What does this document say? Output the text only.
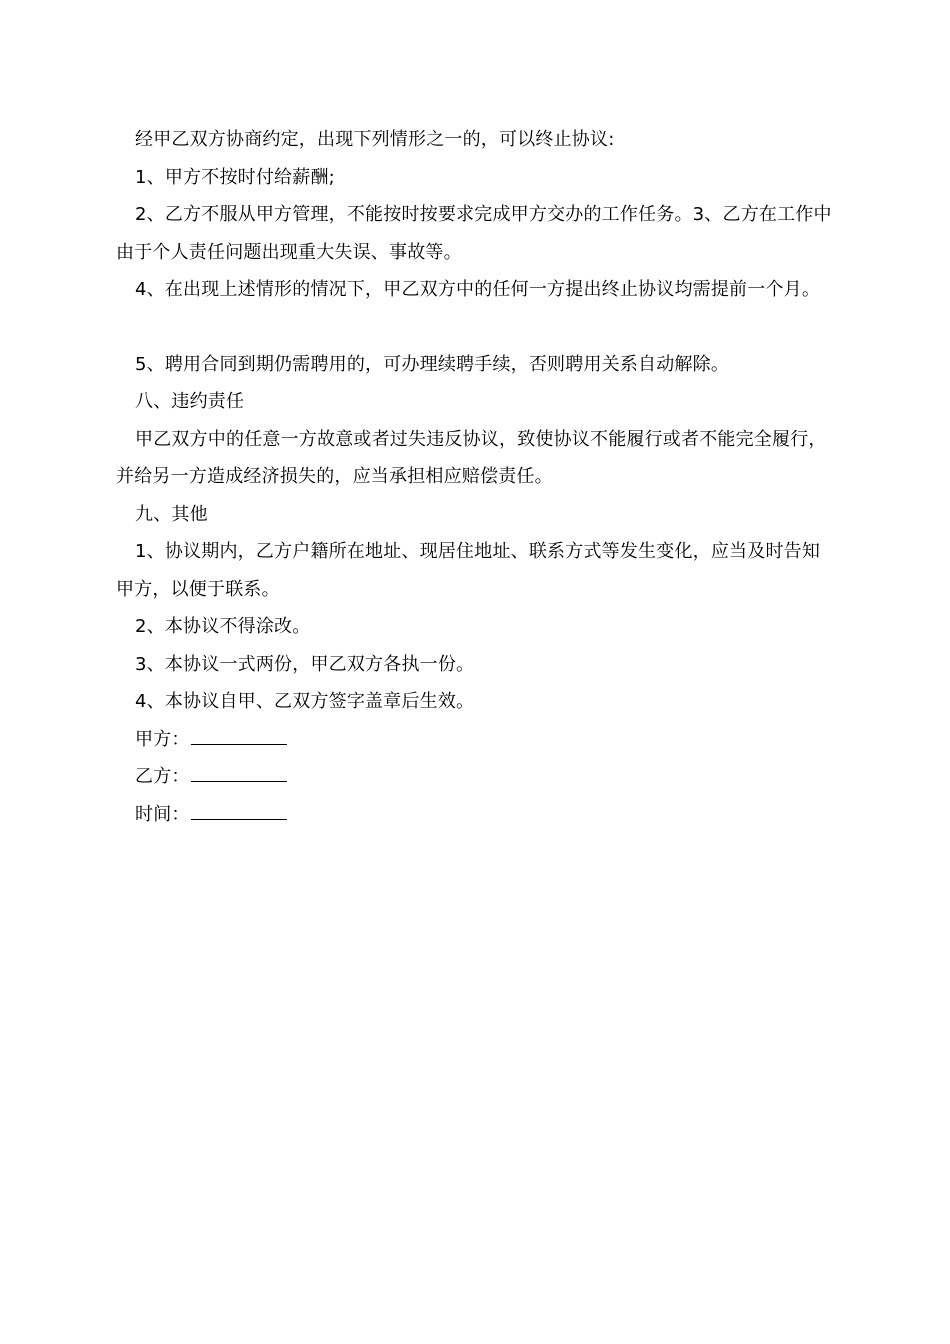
经甲乙双方协商约定，出现下列情形之一的，可以终止协议:

1、甲方不按时付给薪酬;

2、乙方不服从甲方管理，不能按时按要求完成甲方交办的工作任务。3、乙方在工作中由于个人责任问题出现重大失误、事故等。

4、在出现上述情形的情况下，甲乙双方中的任何一方提出终止协议均需提前一个月。

5、聘用合同到期仍需聘用的，可办理续聘手续，否则聘用关系自动解除。

八、违约责任

甲乙双方中的任意一方故意或者过失违反协议，致使协议不能履行或者不能完全履行，并给另一方造成经济损失的，应当承担相应赔偿责任。

九、其他

1、协议期内，乙方户籍所在地址、现居住地址、联系方式等发生变化，应当及时告知甲方，以便于联系。

2、本协议不得涂改。

3、本协议一式两份，甲乙双方各执一份。

4、本协议自甲、乙双方签字盖章后生效。

甲方：

乙方：

时间：
